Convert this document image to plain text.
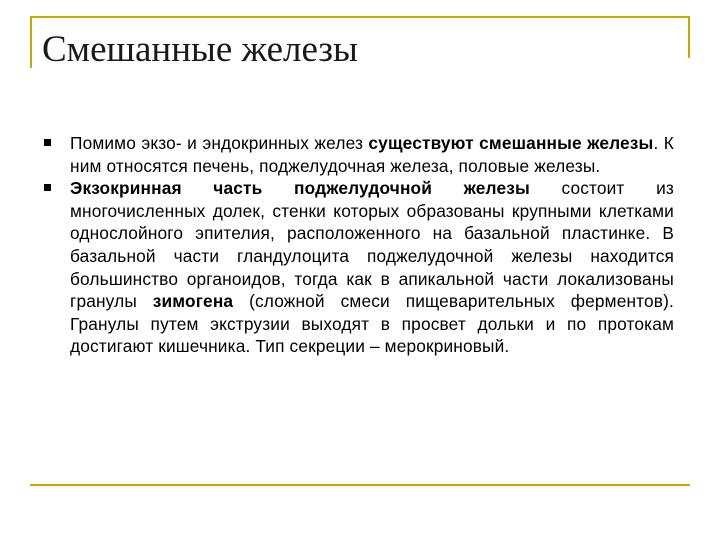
Смешанные железы
Помимо экзо- и эндокринных желез существуют смешанные железы. К ним относятся печень, поджелудочная железа, половые железы.
Экзокринная часть поджелудочной железы состоит из многочисленных долек, стенки которых образованы крупными клетками однослойного эпителия, расположенного на базальной пластинке. В базальной части гландулоцита поджелудочной железы находится большинство органоидов, тогда как в апикальной части локализованы гранулы зимогена (сложной смеси пищеварительных ферментов). Гранулы путем экструзии выходят в просвет дольки и по протокам достигают кишечника. Тип секреции – мерокриновый.
